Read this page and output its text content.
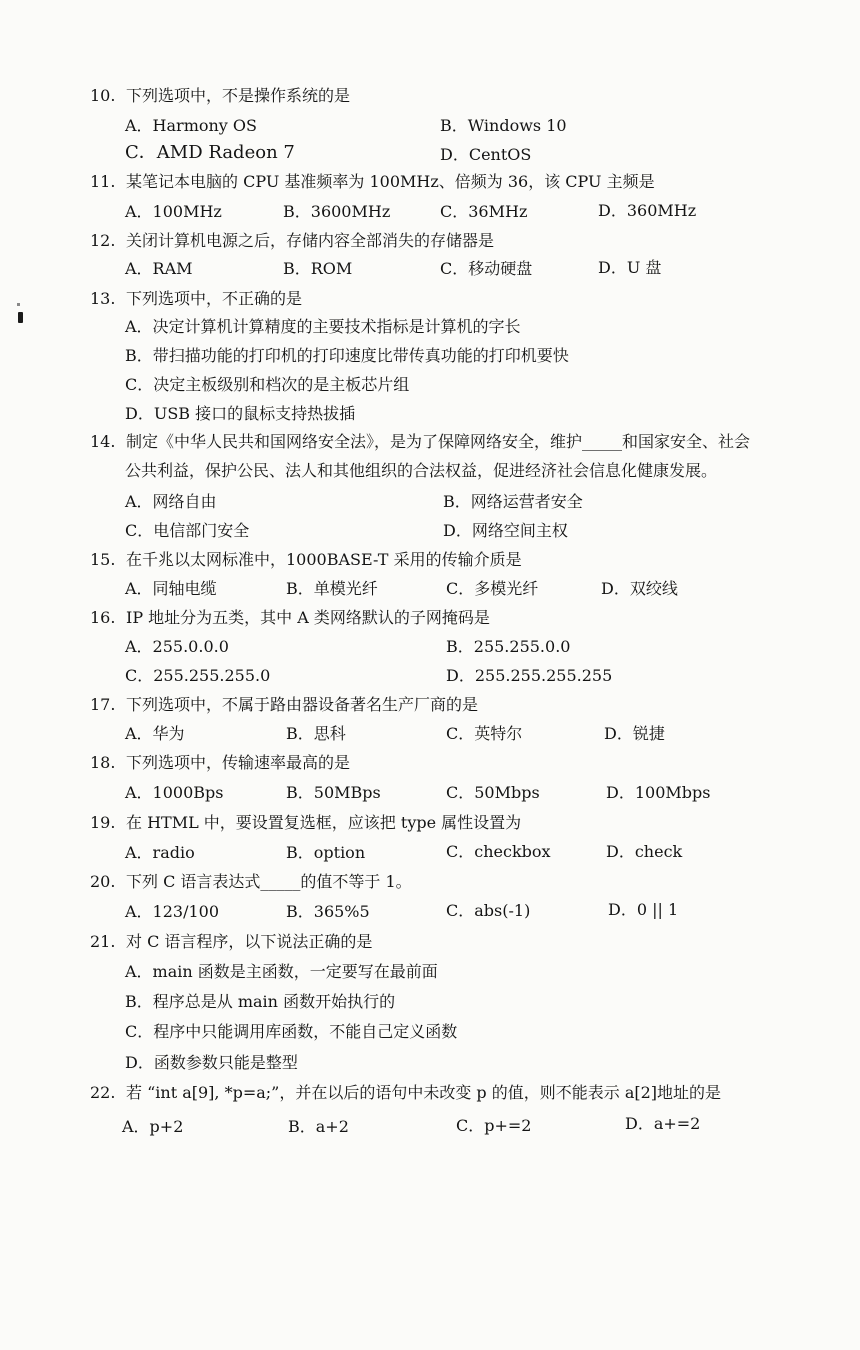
10. 下列选项中，不是操作系统的是
A．Harmony OS	B．Windows 10
C．AMD Radeon 7	D．CentOS
11. 某笔记本电脑的 CPU 基准频率为 100MHz、倍频为 36，该 CPU 主频是
A．100MHz	B．3600MHz	C．36MHz	D．360MHz
12. 关闭计算机电源之后，存储内容全部消失的存储器是
A．RAM	B．ROM	C．移动硬盘	D．U 盘
13. 下列选项中，不正确的是
A．决定计算机计算精度的主要技术指标是计算机的字长
B．带扫描功能的打印机的打印速度比带传真功能的打印机要快
C．决定主板级别和档次的是主板芯片组
D．USB 接口的鼠标支持热拔插
14. 制定《中华人民共和国网络安全法》，是为了保障网络安全，维护_____和国家安全、社会
公共利益，保护公民、法人和其他组织的合法权益，促进经济社会信息化健康发展。
A．网络自由	B．网络运营者安全
C．电信部门安全	D．网络空间主权
15. 在千兆以太网标准中，1000BASE-T 采用的传输介质是
A．同轴电缆	B．单模光纤	C．多模光纤	D．双绞线
16. IP 地址分为五类，其中 A 类网络默认的子网掩码是
A．255.0.0.0	B．255.255.0.0
C．255.255.255.0	D．255.255.255.255
17. 下列选项中，不属于路由器设备著名生产厂商的是
A．华为	B．思科	C．英特尔	D．锐捷
18. 下列选项中，传输速率最高的是
A．1000Bps	B．50MBps	C．50Mbps	D．100Mbps
19. 在 HTML 中，要设置复选框，应该把 type 属性设置为
A．radio	B．option	C．checkbox	D．check
20. 下列 C 语言表达式_____的值不等于 1。
A．123/100	B．365%5	C．abs(-1)	D．0 || 1
21. 对 C 语言程序，以下说法正确的是
A．main 函数是主函数，一定要写在最前面
B．程序总是从 main 函数开始执行的
C．程序中只能调用库函数，不能自己定义函数
D．函数参数只能是整型
22. 若 “int a[9], *p=a;”，并在以后的语句中未改变 p 的值，则不能表示 a[2]地址的是
A．p+2	B．a+2	C．p+=2	D．a+=2
